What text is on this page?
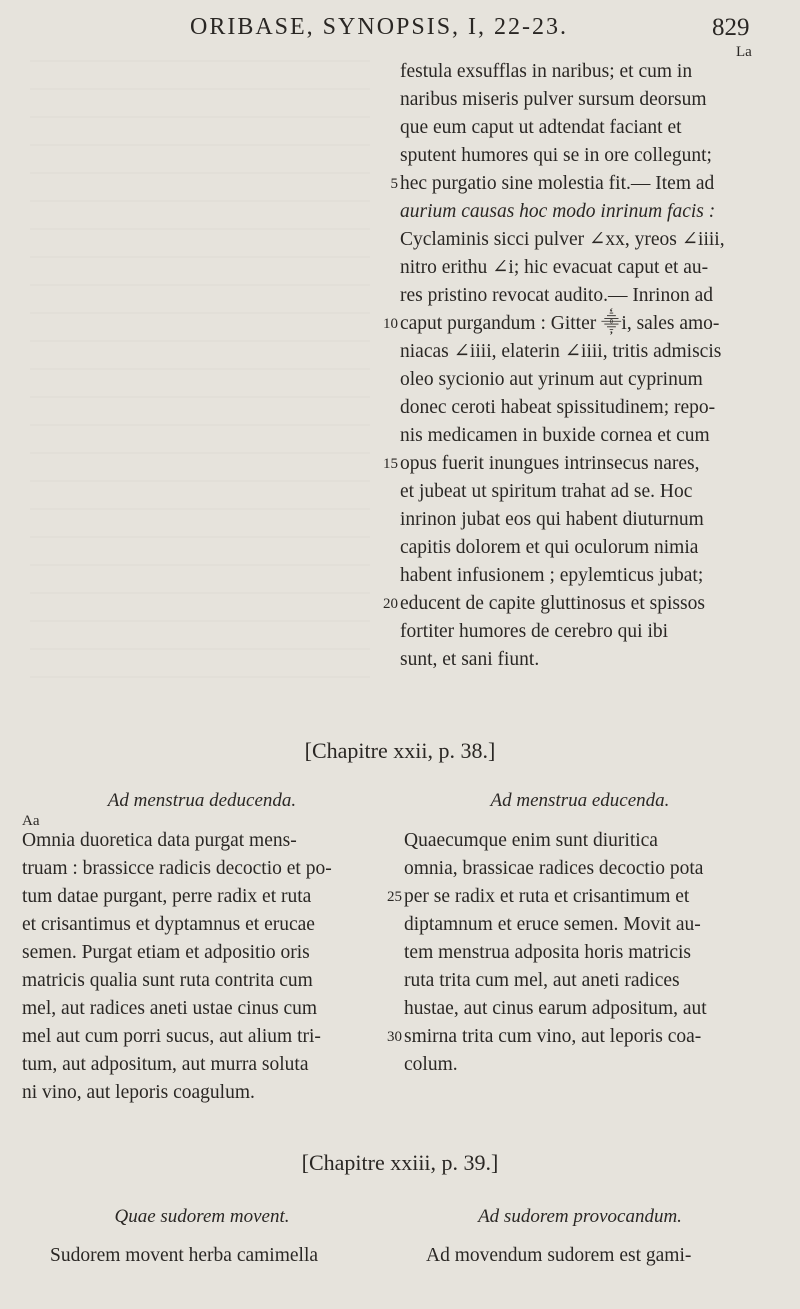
ORIBASE, SYNOPSIS, I, 22-23.	829
La
festula exsufflas in naribus; et cum in
naribus miseris pulver sursum deorsum
que eum caput ut adtendat faciant et
sputent humores qui se in ore collegunt;
hec purgatio sine molestia fit.— Item ad
aurium causas hoc modo inrinum facis :
Cyclaminis sicci pulver ∠xx, yreos ∠iiii,
nitro erithu ∠i; hic evacuat caput et au-
res pristino revocat audito.— Inrinon ad
caput purgandum : Gitter ⸎i, sales amo-
niacas ∠iiii, elaterin ∠iiii, tritis admiscis
oleo sycionio aut yrinum aut cyprinum
donec ceroti habeat spissitudinem; repo-
nis medicamen in buxide cornea et cum
opus fuerit inungues intrinsecus nares,
et jubeat ut spiritum trahat ad se. Hoc
inrinon jubat eos qui habent diuturnum
capitis dolorem et qui oculorum nimia
habent infusionem ; epylemticus jubat;
educent de capite gluttinosus et spissos
fortiter humores de cerebro qui ibi
sunt, et sani fiunt.
5
10
15
20
[Chapitre xxii, p. 38.]
Ad menstrua deducenda.	Ad menstrua educenda.
Aa
Omnia duoretica data purgat mens-
truam : brassicce radicis decoctio et po-
tum datae purgant, perre radix et ruta
et crisantimus et dyptamnus et erucae
semen. Purgat etiam et adpositio oris
matricis qualia sunt ruta contrita cum
mel, aut radices aneti ustae cinus cum
mel aut cum porri sucus, aut alium tri-
tum, aut adpositum, aut murra soluta
ni vino, aut leporis coagulum.
Quaecumque enim sunt diuritica
omnia, brassicae radices decoctio pota
per se radix et ruta et crisantimum et
diptamnum et eruce semen. Movit au-
tem menstrua adposita horis matricis
ruta trita cum mel, aut aneti radices
hustae, aut cinus earum adpositum, aut
smirna trita cum vino, aut leporis coa-
colum.
25
30
[Chapitre xxiii, p. 39.]
Quae sudorem movent.	Ad sudorem provocandum.
Sudorem movent herba camimella	Ad movendum sudorem est gami-
